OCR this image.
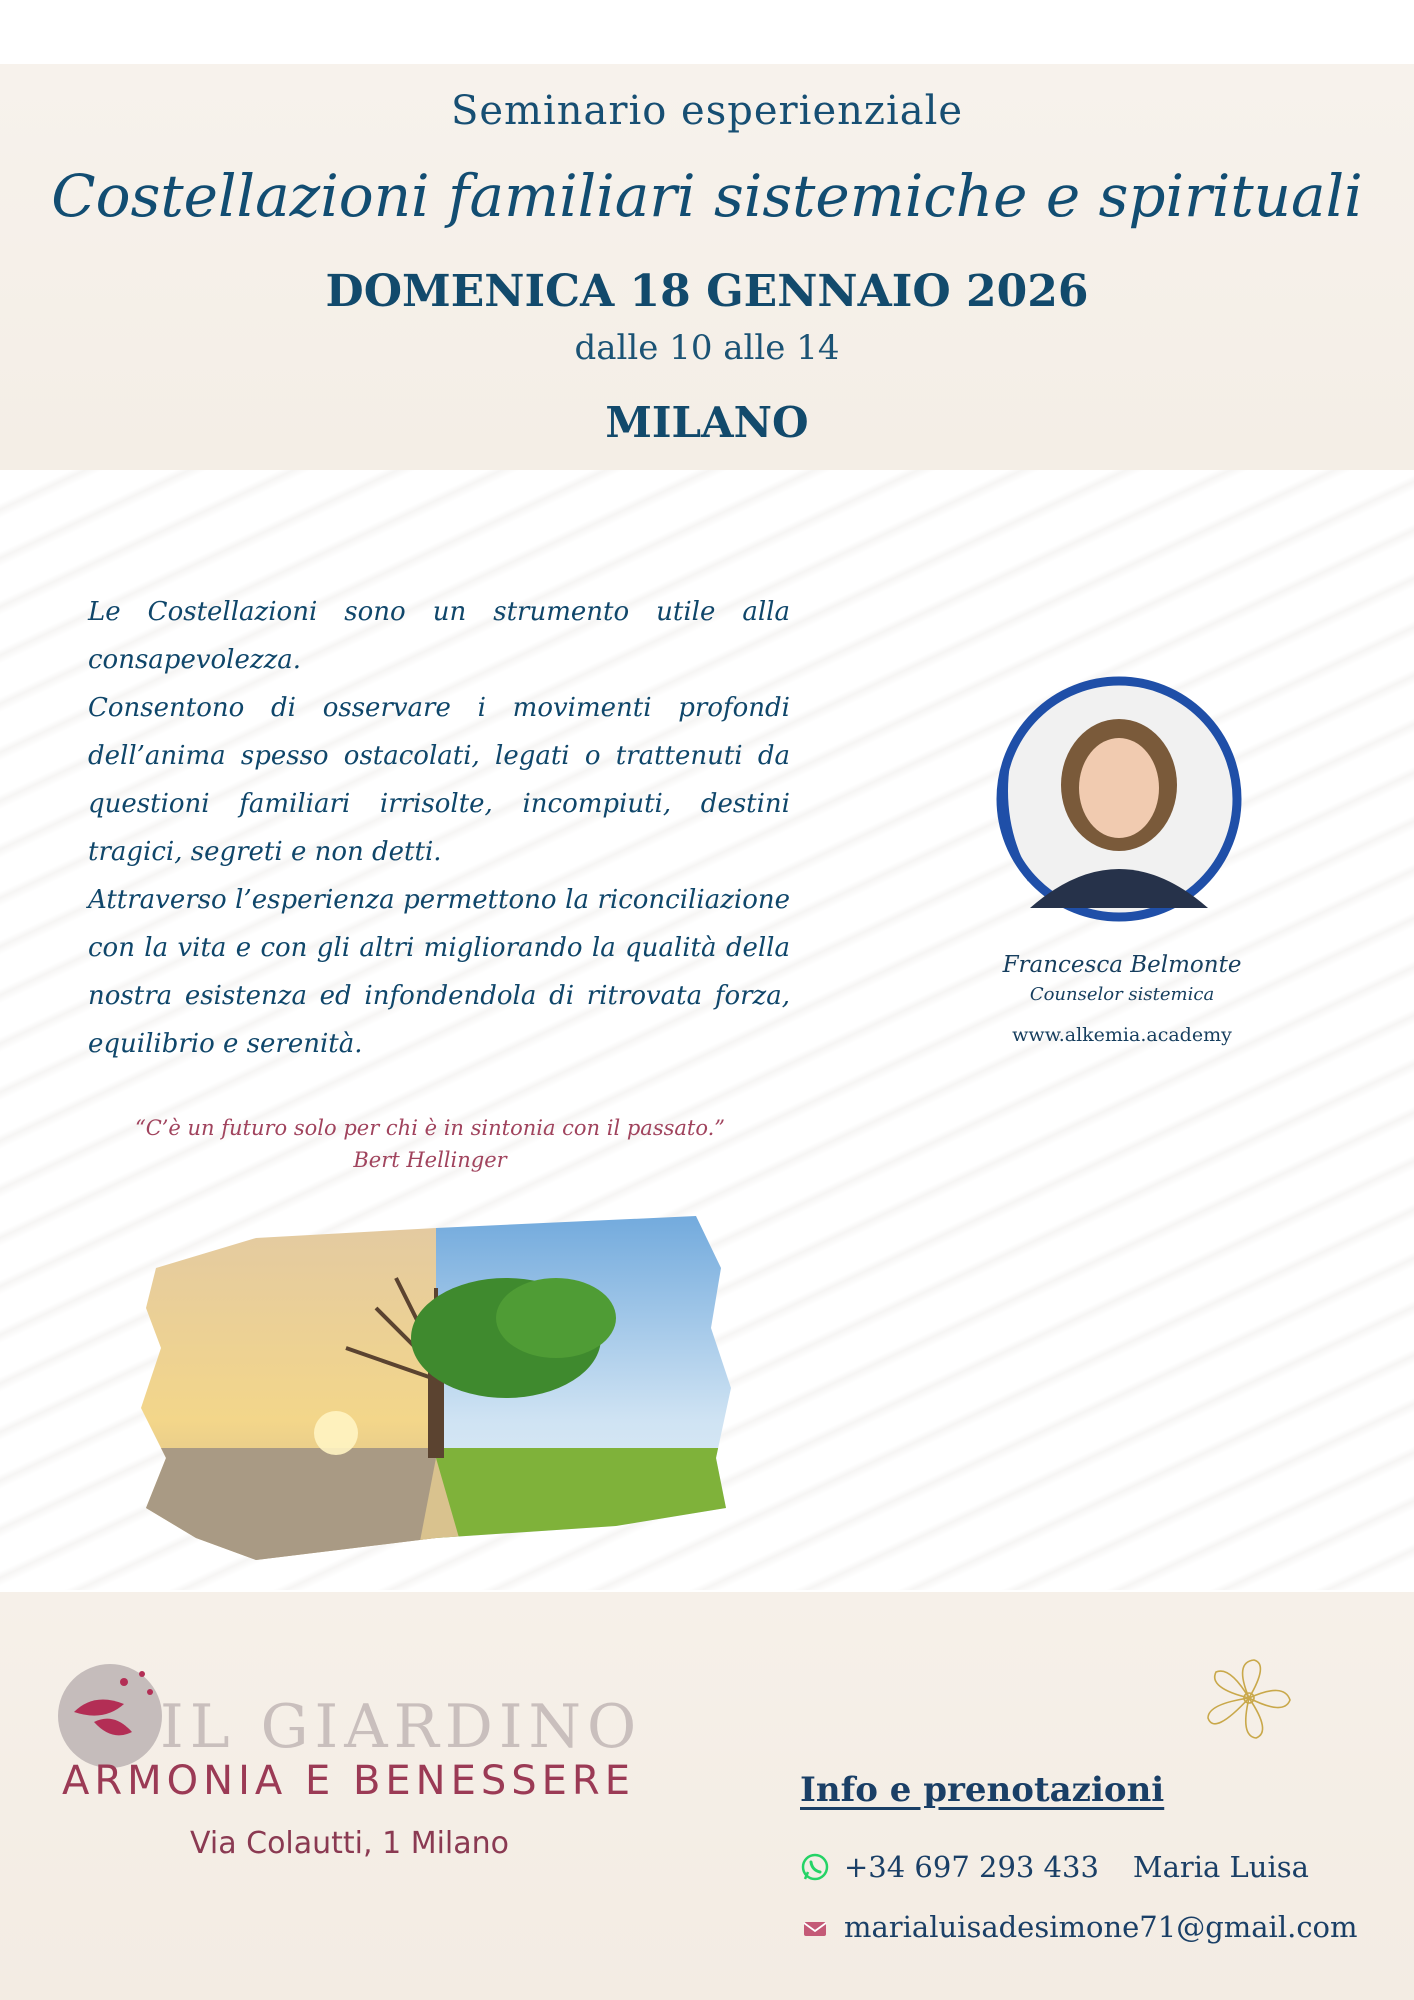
Seminario esperienziale
Costellazioni familiari sistemiche e spirituali
DOMENICA 18 GENNAIO 2026
dalle 10 alle 14
MILANO

Le Costellazioni sono un strumento utile alla consapevolezza.

Consentono di osservare i movimenti profondi dell’anima spesso ostacolati, legati o trattenuti da questioni familiari irrisolte, incompiuti, destini tragici, segreti e non detti.

Attraverso l’esperienza permettono la riconciliazione con la vita e con gli altri migliorando la qualità della nostra esistenza ed infondendola di ritrovata forza, equilibrio e serenità.

“C’è un futuro solo per chi è in sintonia con il passato.”
Bert Hellinger
Francesca Belmonte
Counselor sistemica
www.alkemia.academy
IL GIARDINO
ARMONIA E BENESSERE
Via Colautti, 1 Milano
Info e prenotazioni
+34 697 293 433 Maria Luisa
marialuisadesimone71@gmail.com
